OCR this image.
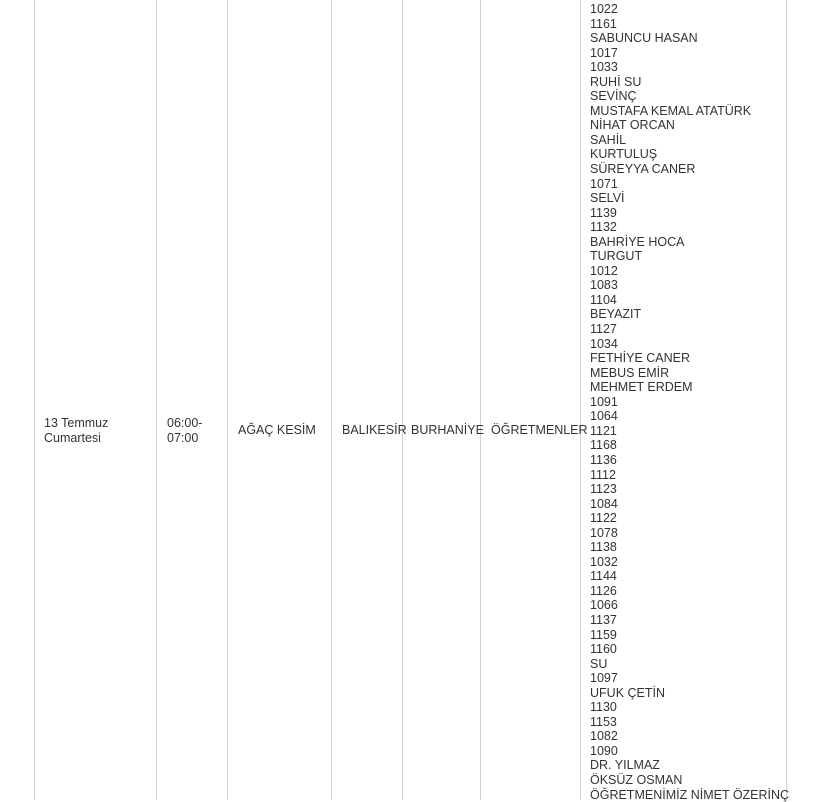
13 Temmuz Cumartesi
06:00-07:00
AĞAÇ KESİM BALIKESİR BURHANİYE ÖĞRETMENLER
1022
1161
SABUNCU HASAN
1017
1033
RUHİ SU
SEVİNÇ
MUSTAFA KEMAL ATATÜRK
NİHAT ORCAN
SAHİL
KURTULUŞ
SÜREYYA CANER
1071
SELVİ
1139
1132
BAHRİYE HOCA
TURGUT
1012
1083
1104
BEYAZIT
1127
1034
FETHİYE CANER
MEBUS EMİR
MEHMET ERDEM
1091
1064
1121
1168
1136
1112
1123
1084
1122
1078
1138
1032
1144
1126
1066
1137
1159
1160
SU
1097
UFUK ÇETİN
1130
1153
1082
1090
DR. YILMAZ
ÖKSÜZ OSMAN
ÖĞRETMENİMİZ NİMET ÖZERİNÇ
